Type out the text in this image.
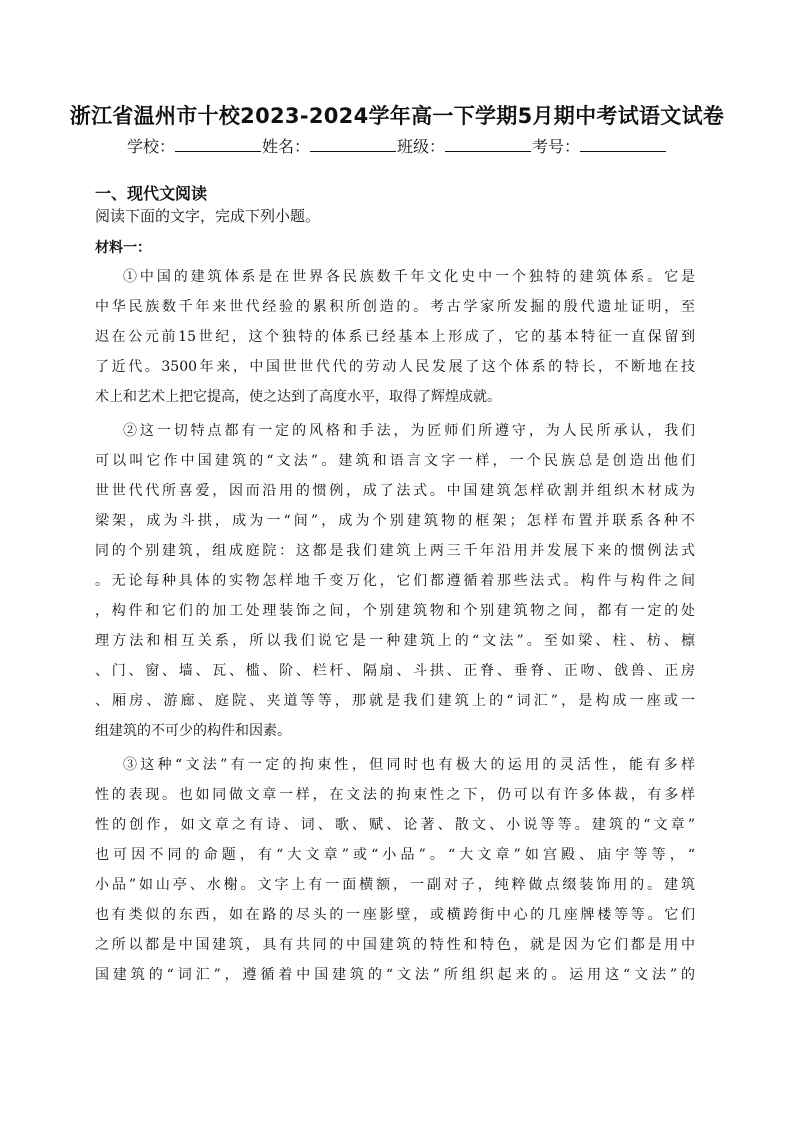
浙江省温州市十校2023-2024学年高一下学期5月期中考试语文试卷
学校：	姓名：	班级：	考号：
一、现代文阅读
阅读下面的文字，完成下列小题。
材料一：
①中国的建筑体系是在世界各民族数千年文化史中一个独特的建筑体系。它是
中华民族数千年来世代经验的累积所创造的。考古学家所发掘的殷代遗址证明，至
迟在公元前15世纪，这个独特的体系已经基本上形成了，它的基本特征一直保留到
了近代。3500年来，中国世世代代的劳动人民发展了这个体系的特长，不断地在技
术上和艺术上把它提高，使之达到了高度水平，取得了辉煌成就。
②这一切特点都有一定的风格和手法，为匠师们所遵守，为人民所承认，我们
可以叫它作中国建筑的“文法”。建筑和语言文字一样，一个民族总是创造出他们
世世代代所喜爱，因而沿用的惯例，成了法式。中国建筑怎样砍割并组织木材成为
梁架，成为斗拱，成为一“间”，成为个别建筑物的框架；怎样布置并联系各种不
同的个别建筑，组成庭院：这都是我们建筑上两三千年沿用并发展下来的惯例法式
。无论每种具体的实物怎样地千变万化，它们都遵循着那些法式。构件与构件之间
，构件和它们的加工处理装饰之间，个别建筑物和个别建筑物之间，都有一定的处
理方法和相互关系，所以我们说它是一种建筑上的“文法”。至如梁、柱、枋、檩
、门、窗、墙、瓦、槛、阶、栏杆、隔扇、斗拱、正脊、垂脊、正吻、戗兽、正房
、厢房、游廊、庭院、夹道等等，那就是我们建筑上的“词汇”，是构成一座或一
组建筑的不可少的构件和因素。
③这种“文法”有一定的拘束性，但同时也有极大的运用的灵活性，能有多样
性的表现。也如同做文章一样，在文法的拘束性之下，仍可以有许多体裁，有多样
性的创作，如文章之有诗、词、歌、赋、论著、散文、小说等等。建筑的“文章”
也可因不同的命题，有“大文章”或“小品”。“大文章”如宫殿、庙宇等等，“
小品”如山亭、水榭。文字上有一面横额，一副对子，纯粹做点缀装饰用的。建筑
也有类似的东西，如在路的尽头的一座影壁，或横跨街中心的几座牌楼等等。它们
之所以都是中国建筑，具有共同的中国建筑的特性和特色，就是因为它们都是用中
国建筑的“词汇”，遵循着中国建筑的“文法”所组织起来的。运用这“文法”的
